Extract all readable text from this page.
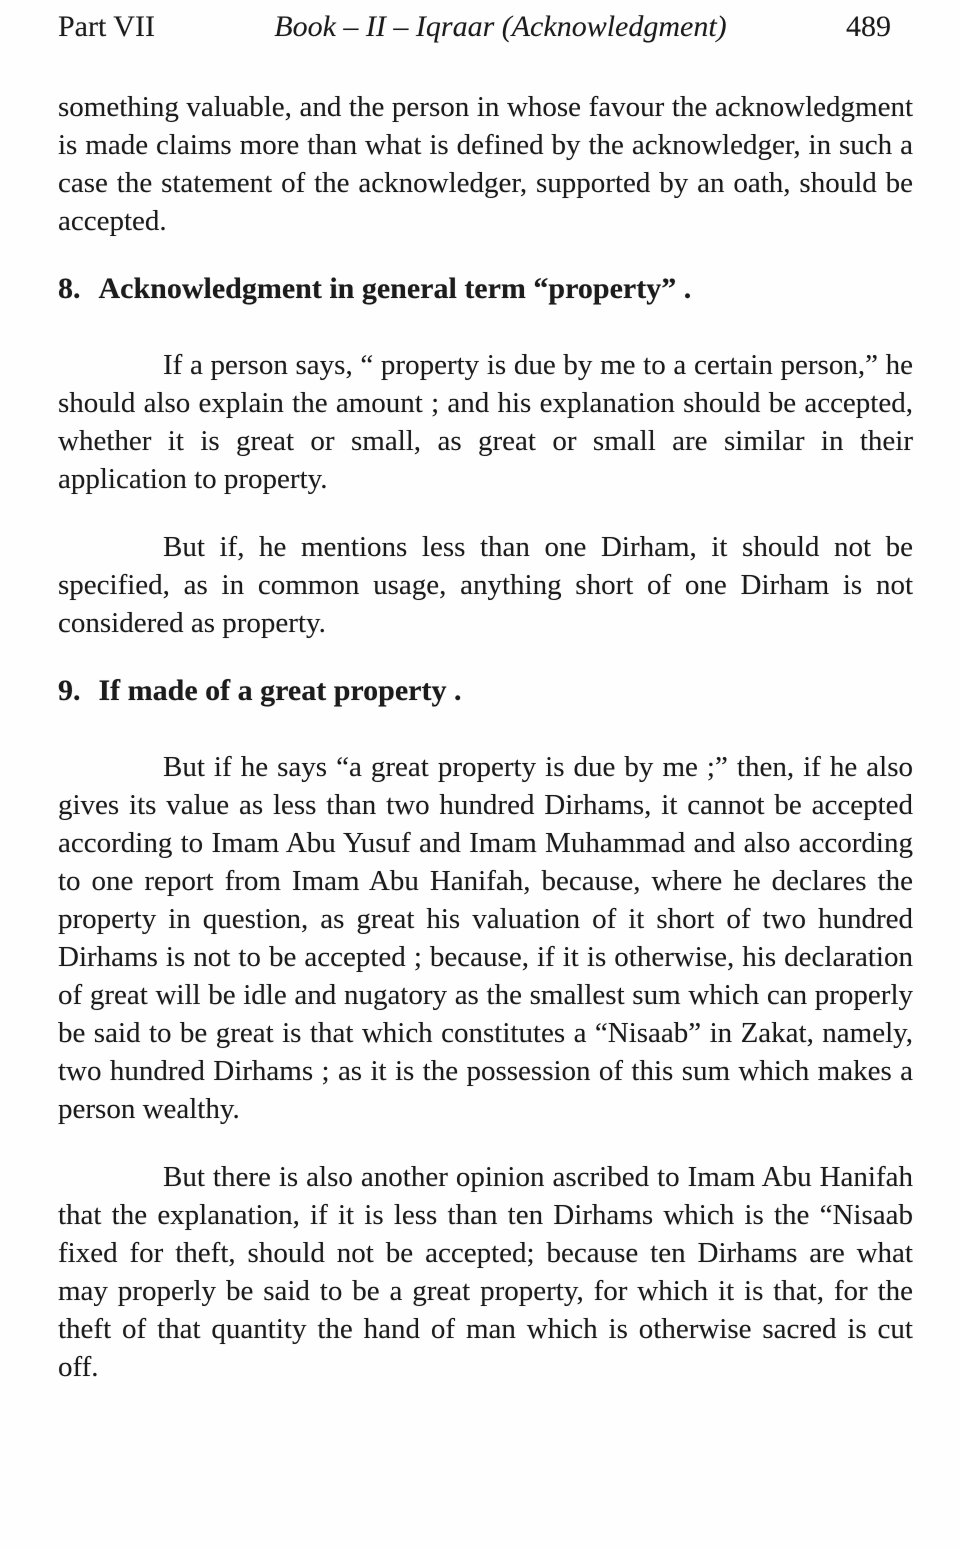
Part VII	Book – II – Iqraar (Acknowledgment)	489

something valuable, and the person in whose favour the acknowledgment is made claims more than what is defined by the acknowledger, in such a case the statement of the acknowledger, supported by an oath, should be accepted.

8. Acknowledgment in general term “property” .

If a person says, “ property is due by me to a certain person,” he should also explain the amount ; and his explanation should be accepted, whether it is great or small, as great or small are similar in their application to property.

But if, he mentions less than one Dirham, it should not be specified, as in common usage, anything short of one Dirham is not considered as property.

9. If made of a great property .

But if he says “a great property is due by me ;” then, if he also gives its value as less than two hundred Dirhams, it cannot be accepted according to Imam Abu Yusuf and Imam Muhammad and also according to one report from Imam Abu Hanifah, because, where he declares the property in question, as great his valuation of it short of two hundred Dirhams is not to be accepted ; because, if it is otherwise, his declaration of great will be idle and nugatory as the smallest sum which can properly be said to be great is that which constitutes a “Nisaab” in Zakat, namely, two hundred Dirhams ; as it is the possession of this sum which makes a person wealthy.

But there is also another opinion ascribed to Imam Abu Hanifah that the explanation, if it is less than ten Dirhams which is the “Nisaab fixed for theft, should not be accepted; because ten Dirhams are what may properly be said to be a great property, for which it is that, for the theft of that quantity the hand of man which is otherwise sacred is cut off.
